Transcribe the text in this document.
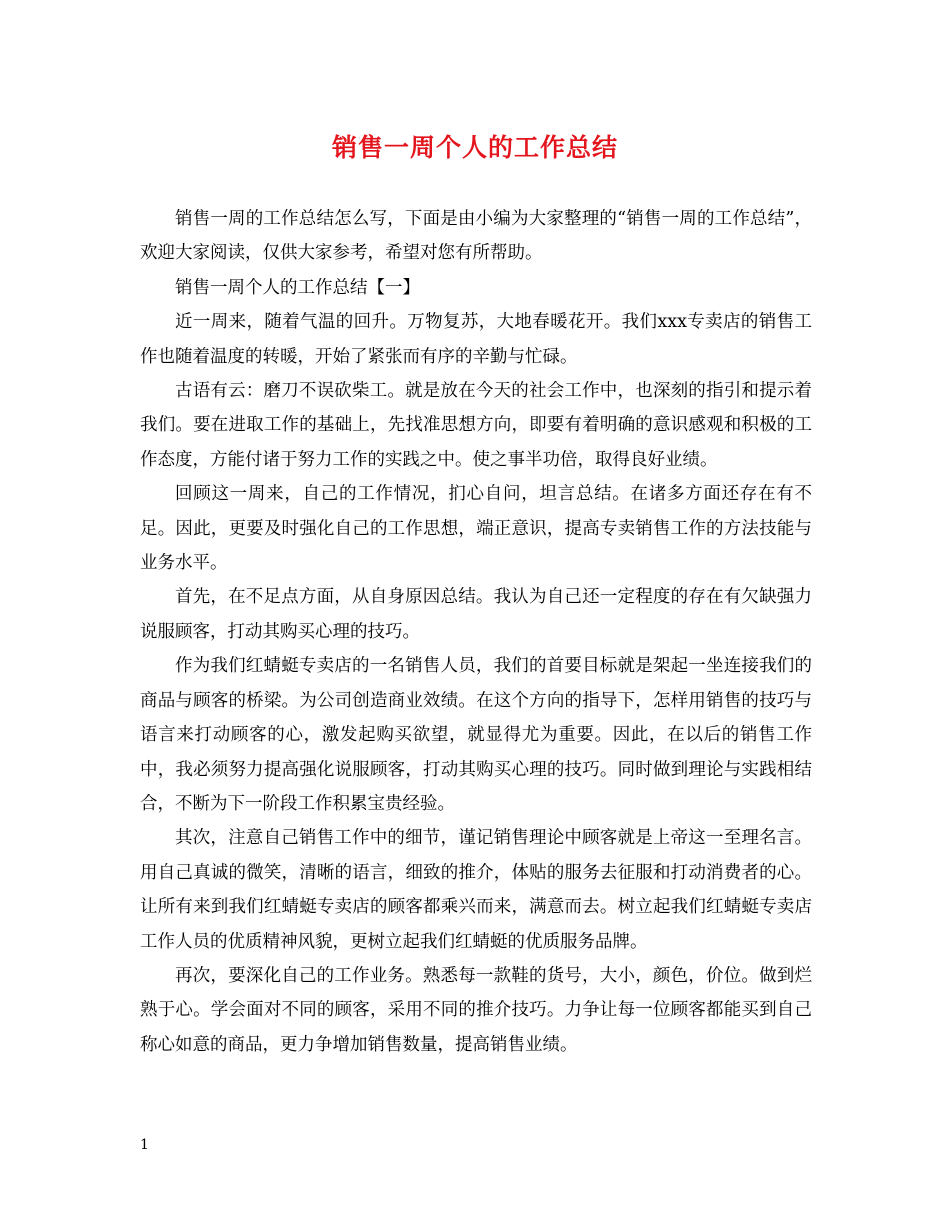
销售一周个人的工作总结

销售一周的工作总结怎么写，下面是由小编为大家整理的“销售一周的工作总结”，欢迎大家阅读，仅供大家参考，希望对您有所帮助。

销售一周个人的工作总结【一】

近一周来，随着气温的回升。万物复苏，大地春暖花开。我们xxx专卖店的销售工作也随着温度的转暖，开始了紧张而有序的辛勤与忙碌。

古语有云：磨刀不误砍柴工。就是放在今天的社会工作中，也深刻的指引和提示着我们。要在进取工作的基础上，先找准思想方向，即要有着明确的意识感观和积极的工作态度，方能付诸于努力工作的实践之中。使之事半功倍，取得良好业绩。

回顾这一周来，自己的工作情况，扪心自问，坦言总结。在诸多方面还存在有不足。因此，更要及时强化自己的工作思想，端正意识，提高专卖销售工作的方法技能与业务水平。

首先，在不足点方面，从自身原因总结。我认为自己还一定程度的存在有欠缺强力说服顾客，打动其购买心理的技巧。

作为我们红蜻蜓专卖店的一名销售人员，我们的首要目标就是架起一坐连接我们的商品与顾客的桥梁。为公司创造商业效绩。在这个方向的指导下，怎样用销售的技巧与语言来打动顾客的心，激发起购买欲望，就显得尤为重要。因此，在以后的销售工作中，我必须努力提高强化说服顾客，打动其购买心理的技巧。同时做到理论与实践相结合，不断为下一阶段工作积累宝贵经验。

其次，注意自己销售工作中的细节，谨记销售理论中顾客就是上帝这一至理名言。用自己真诚的微笑，清晰的语言，细致的推介，体贴的服务去征服和打动消费者的心。让所有来到我们红蜻蜓专卖店的顾客都乘兴而来，满意而去。树立起我们红蜻蜓专卖店工作人员的优质精神风貌，更树立起我们红蜻蜓的优质服务品牌。

再次，要深化自己的工作业务。熟悉每一款鞋的货号，大小，颜色，价位。做到烂熟于心。学会面对不同的顾客，采用不同的推介技巧。力争让每一位顾客都能买到自己称心如意的商品，更力争增加销售数量，提高销售业绩。

1
